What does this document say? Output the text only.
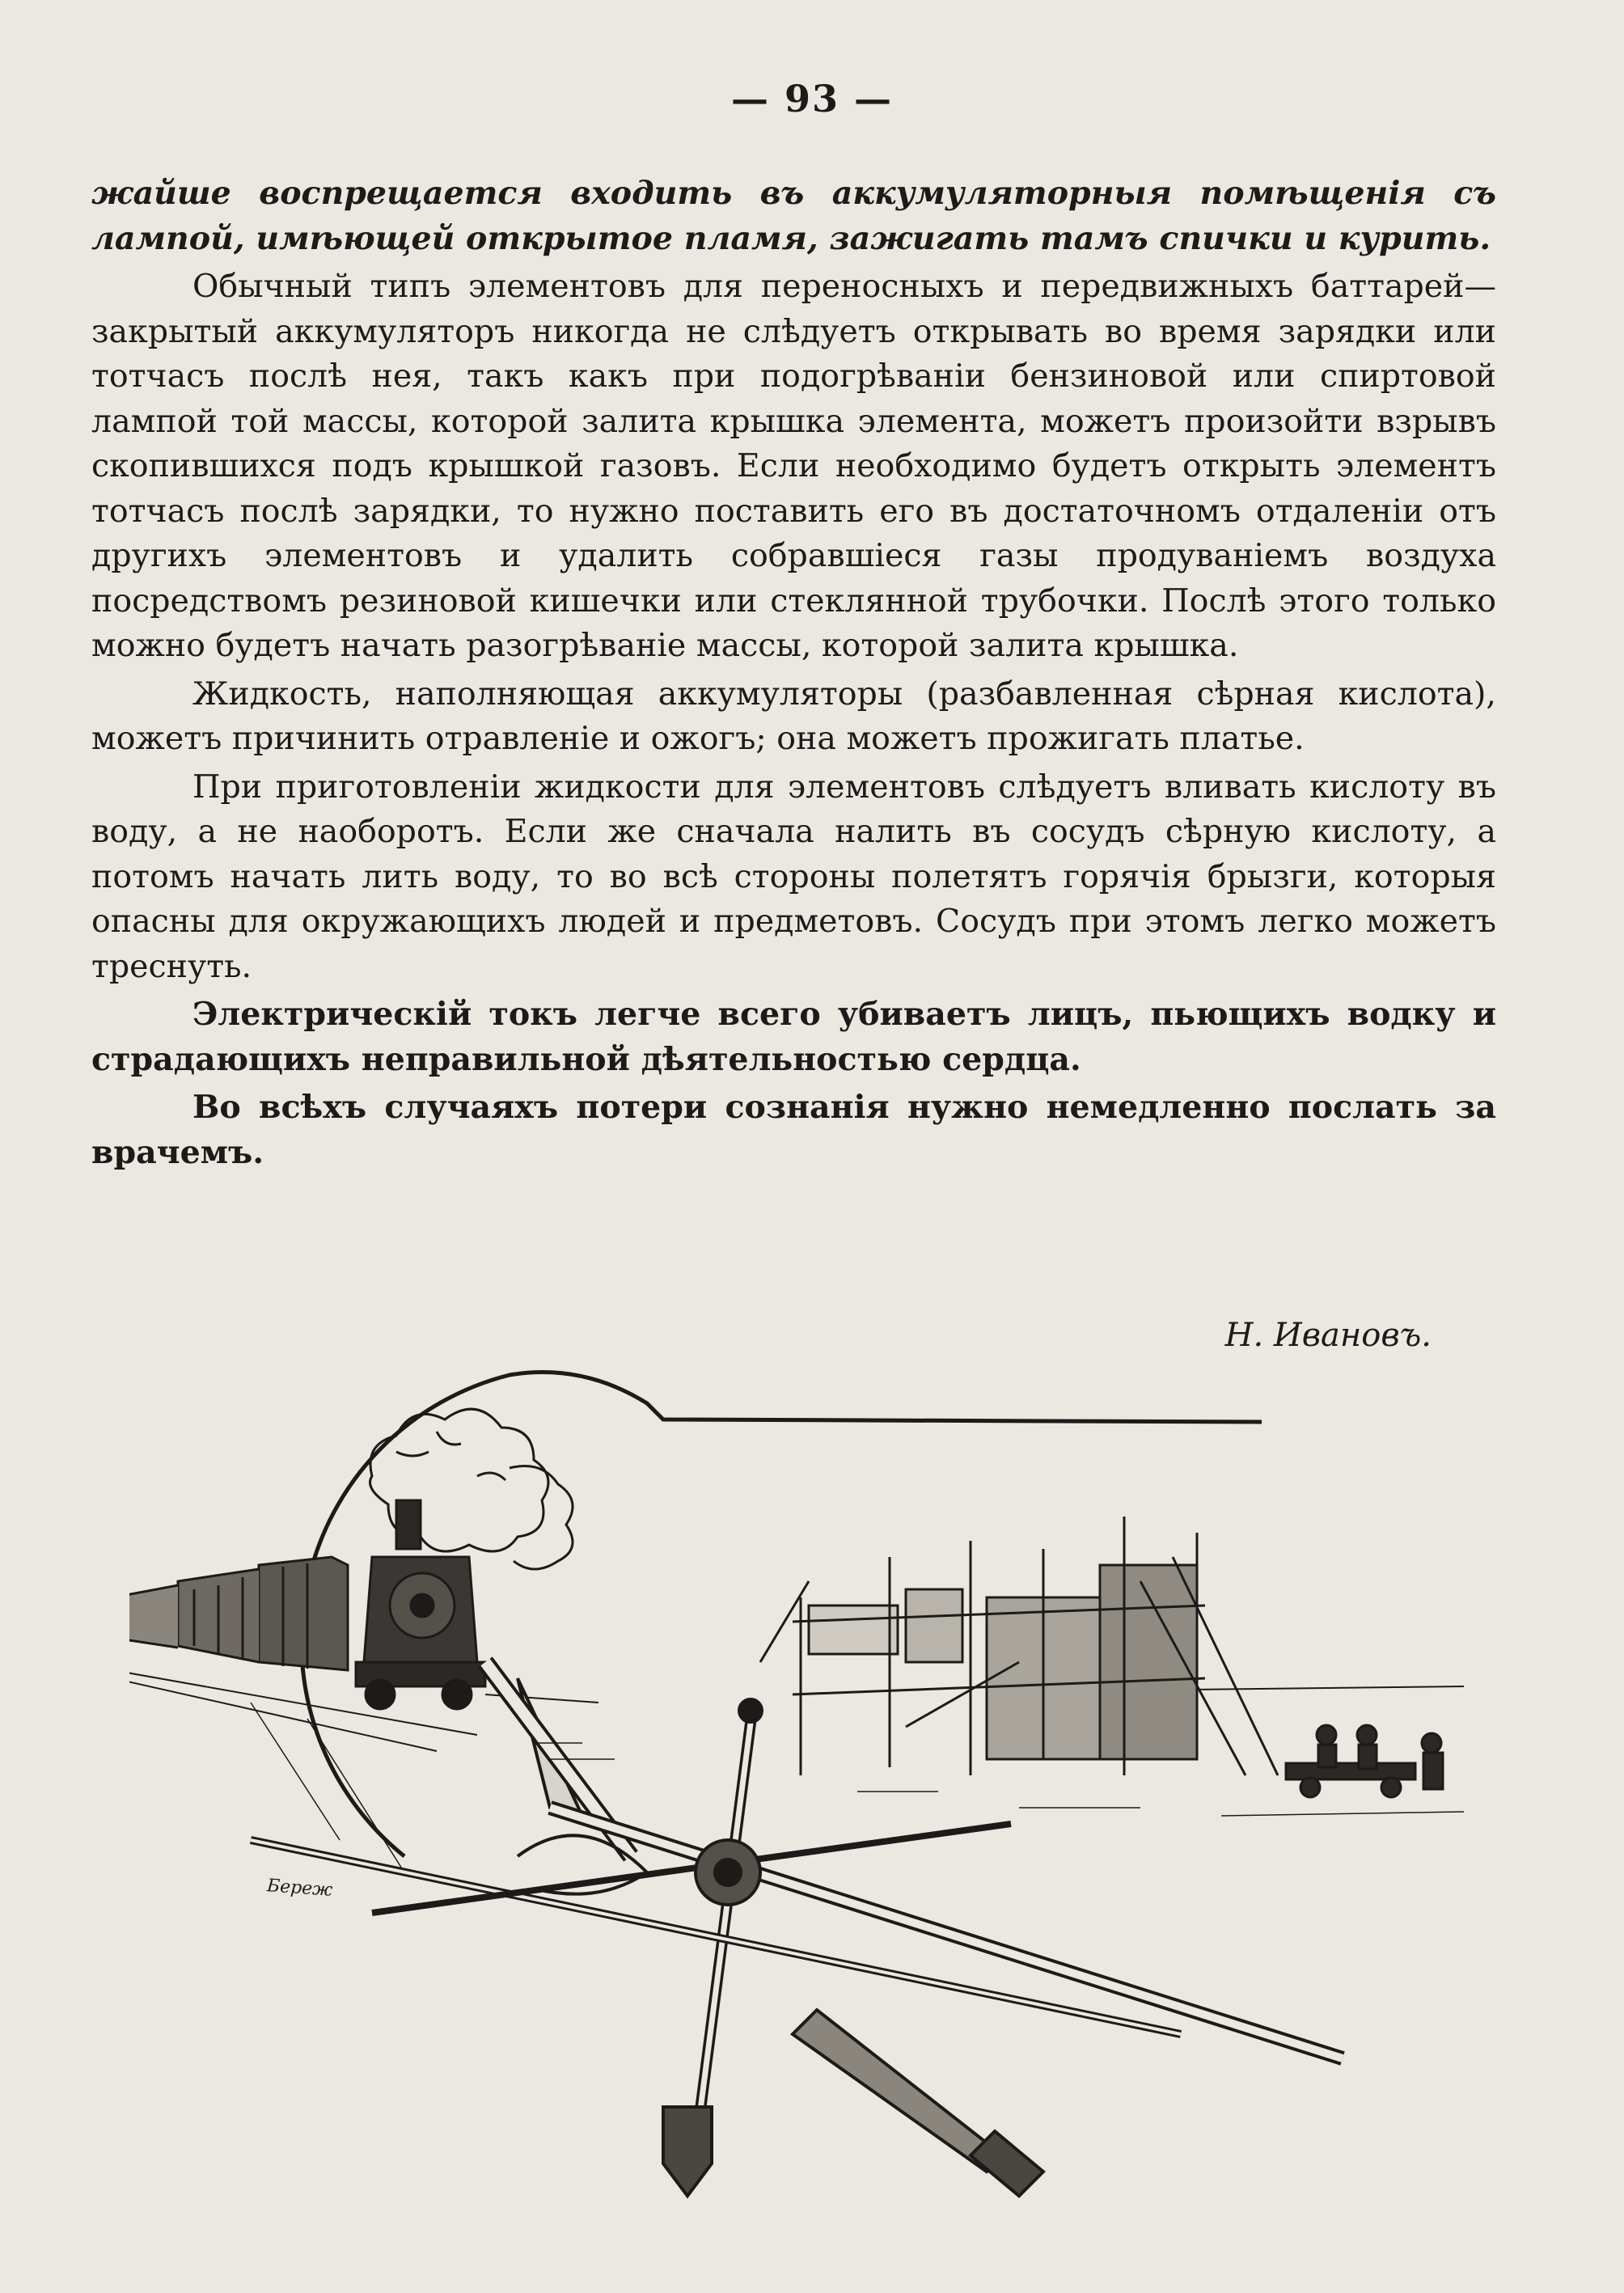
— 93 —

жайше воспрещается входить въ аккумуляторныя помѣщенія съ лампой, имѣющей открытое пламя, зажигать тамъ спички и курить.

Обычный типъ элементовъ для переносныхъ и передвижныхъ баттарей—закрытый аккумуляторъ никогда не слѣдуетъ открывать во время зарядки или тотчасъ послѣ нея, такъ какъ при подогрѣваніи бензиновой или спиртовой лампой той массы, которой залита крышка элемента, можетъ произойти взрывъ скопившихся подъ крышкой газовъ. Если необходимо будетъ открыть элементъ тотчасъ послѣ зарядки, то нужно поставить его въ достаточномъ отдаленіи отъ другихъ элементовъ и удалить собравшіеся газы продуваніемъ воздуха посредствомъ резиновой кишечки или стеклянной трубочки. Послѣ этого только можно будетъ начать разогрѣваніе массы, которой залита крышка.

Жидкость, наполняющая аккумуляторы (разбавленная сѣрная кислота), можетъ причинить отравленіе и ожогъ; она можетъ прожигать платье.

При приготовленіи жидкости для элементовъ слѣдуетъ вливать кислоту въ воду, а не наоборотъ. Если же сначала налить въ сосудъ сѣрную кислоту, а потомъ начать лить воду, то во всѣ стороны полетятъ горячія брызги, которыя опасны для окружающихъ людей и предметовъ. Сосудъ при этомъ легко можетъ треснуть.

Электрическій токъ легче всего убиваетъ лицъ, пьющихъ водку и страдающихъ неправильной дѣятельностью сердца.

Во всѣхъ случаяхъ потери сознанія нужно немедленно послать за врачемъ.

Н. Ивановъ.
Береж
